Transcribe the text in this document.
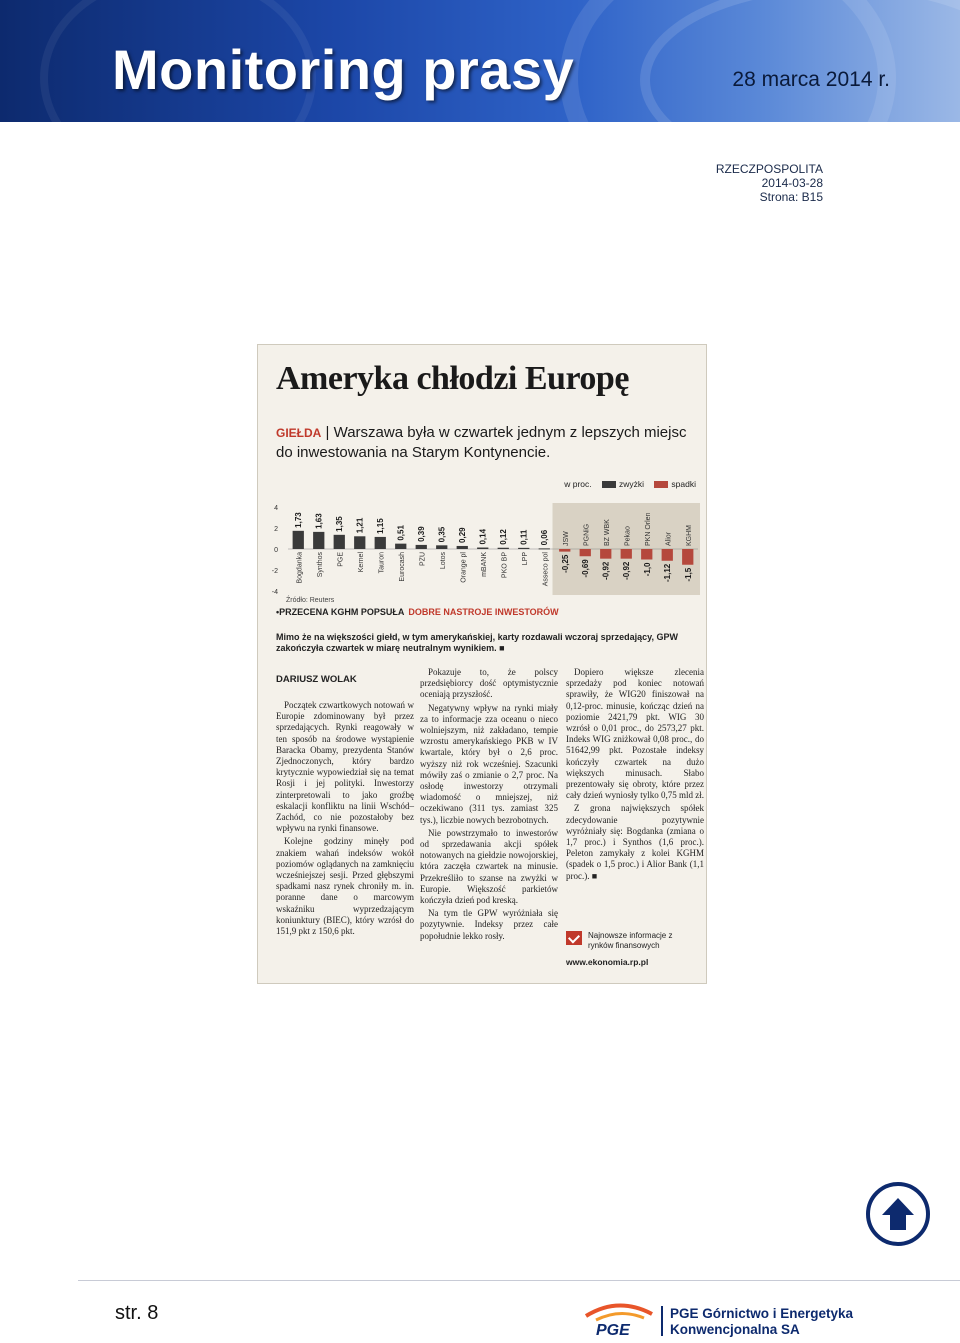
Monitoring prasy	28 marca 2014 r.
RZECZPOSPOLITA
2014-03-28
Strona: B15
Ameryka chłodzi Europę
GIEŁDA | Warszawa była w czwartek jednym z lepszych miejsc do inwestowania na Starym Kontynencie.
w proc.	zwyżki	spadki
4
2
0
-2
-4
1,73
Bogdanka
1,63
Synthos
1,35
PGE
1,21
Kernel
1,15
Tauron
0,51
Eurocash
0,39
PZU
0,35
Lotos
0,29
Orange pl
0,14
mBANK
0,12
PKO BP
0,11
LPP
0,06
Asseco pol -0,25
JSW
-0,69
PGNiG
-0,92
BZ WBK
-0,92
Pekao
-1,0
PKN Orlen
-1,12
Alior
-1,5
KGHM
Źródło: Reuters
•PRZECENA KGHM POPSUŁA DOBRE NASTROJE INWESTORÓW
Mimo że na większości giełd, w tym amerykańskiej, karty rozdawali wczoraj sprzedający, GPW zakończyła czwartek w miarę neutralnym wynikiem. ■
DARIUSZ WOLAK

Początek czwartkowych notowań w Europie zdominowany był przez sprzedających. Rynki reagowały w ten sposób na środowe wystąpienie Baracka Obamy, prezydenta Stanów Zjednoczonych, który bardzo krytycznie wypowiedział się na temat Rosji i jej polityki. Inwestorzy zinterpretowali to jako groźbę eskalacji konfliktu na linii Wschód–Zachód, co nie pozostałoby bez wpływu na rynki finansowe.

Kolejne godziny minęły pod znakiem wahań indeksów wokół poziomów oglądanych na zamknięciu wcześniejszej sesji. Przed głębszymi spadkami nasz rynek chroniły m. in. poranne dane o marcowym wskaźniku wyprzedzającym koniunktury (BIEC), który wzrósł do 151,9 pkt z 150,6 pkt.

Pokazuje to, że polscy przedsiębiorcy dość optymistycznie oceniają przyszłość.

Negatywny wpływ na rynki miały za to informacje zza oceanu o nieco wolniejszym, niż zakładano, tempie wzrostu amerykańskiego PKB w IV kwartale, który był o 2,6 proc. wyższy niż rok wcześniej. Szacunki mówiły zaś o zmianie o 2,7 proc. Na osłodę inwestorzy otrzymali wiadomość o mniejszej, niż oczekiwano (311 tys. zamiast 325 tys.), liczbie nowych bezrobotnych.

Nie powstrzymało to inwestorów od sprzedawania akcji spółek notowanych na giełdzie nowojorskiej, która zaczęła czwartek na minusie. Przekreśliło to szanse na zwyżki w Europie. Większość parkietów kończyła dzień pod kreską.

Na tym tle GPW wyróżniała się pozytywnie. Indeksy przez całe popołudnie lekko rosły.

Dopiero większe zlecenia sprzedaży pod koniec notowań sprawiły, że WIG20 finiszował na 0,12-proc. minusie, kończąc dzień na poziomie 2421,79 pkt. WIG 30 wzrósł o 0,01 proc., do 2573,27 pkt. Indeks WIG zniżkował 0,08 proc., do 51642,99 pkt. Pozostałe indeksy kończyły czwartek na dużo większych minusach. Słabo prezentowały się obroty, które przez cały dzień wyniosły tylko 0,75 mld zł.

Z grona największych spółek zdecydowanie pozytywnie wyróżniały się: Bogdanka (zmiana o 1,7 proc.) i Synthos (1,6 proc.). Peleton zamykały z kolei KGHM (spadek o 1,5 proc.) i Alior Bank (1,1 proc.). ■

Najnowsze informacje z rynków finansowych
www.ekonomia.rp.pl
str. 8
PGE
PGE Górnictwo i Energetyka
Konwencjonalna SA
